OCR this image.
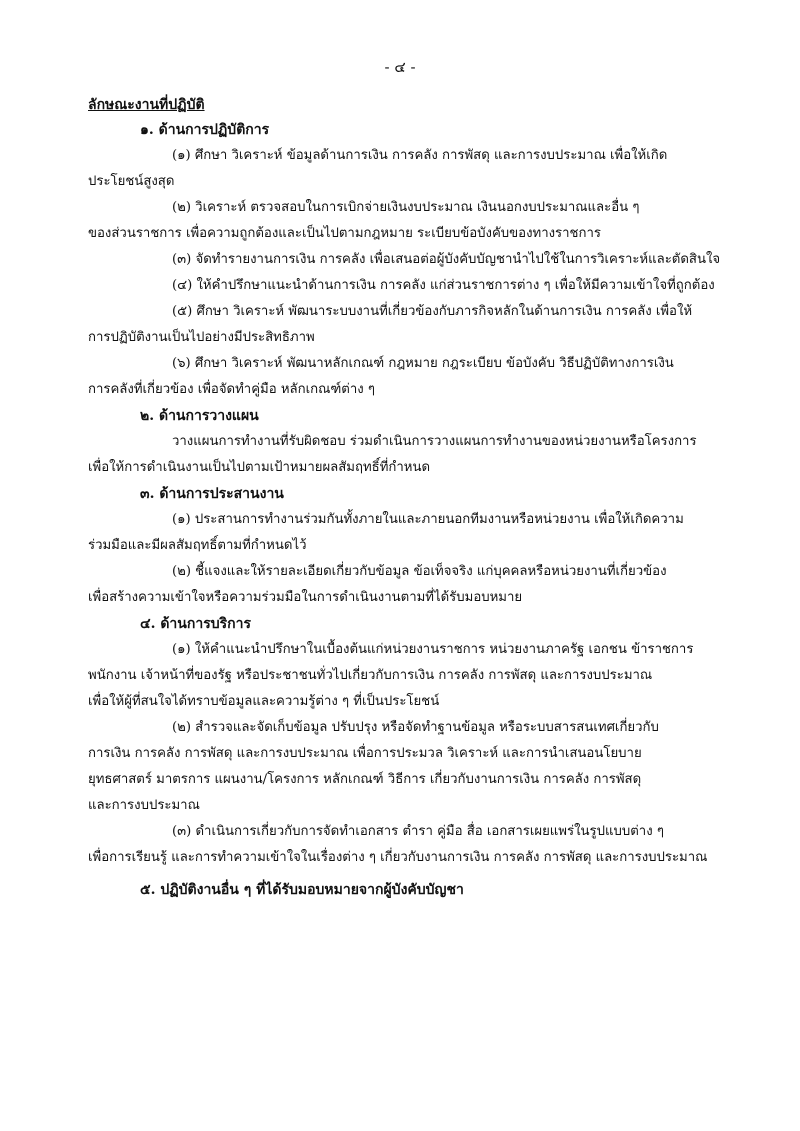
- ๔ -
ลักษณะงานที่ปฏิบัติ
๑. ด้านการปฏิบัติการ
(๑) ศึกษา วิเคราะห์ ข้อมูลด้านการเงิน การคลัง การพัสดุ และการงบประมาณ เพื่อให้เกิด
ประโยชน์สูงสุด
(๒) วิเคราะห์ ตรวจสอบในการเบิกจ่ายเงินงบประมาณ เงินนอกงบประมาณและอื่น ๆ
ของส่วนราชการ เพื่อความถูกต้องและเป็นไปตามกฎหมาย ระเบียบข้อบังคับของทางราชการ
(๓) จัดทำรายงานการเงิน การคลัง เพื่อเสนอต่อผู้บังคับบัญชานำไปใช้ในการวิเคราะห์และตัดสินใจ
(๔) ให้คำปรึกษาแนะนำด้านการเงิน การคลัง แก่ส่วนราชการต่าง ๆ เพื่อให้มีความเข้าใจที่ถูกต้อง
(๕) ศึกษา วิเคราะห์ พัฒนาระบบงานที่เกี่ยวข้องกับภารกิจหลักในด้านการเงิน การคลัง เพื่อให้
การปฏิบัติงานเป็นไปอย่างมีประสิทธิภาพ
(๖) ศึกษา วิเคราะห์ พัฒนาหลักเกณฑ์ กฎหมาย กฎระเบียบ ข้อบังคับ วิธีปฏิบัติทางการเงิน
การคลังที่เกี่ยวข้อง เพื่อจัดทำคู่มือ หลักเกณฑ์ต่าง ๆ
๒. ด้านการวางแผน
วางแผนการทำงานที่รับผิดชอบ ร่วมดำเนินการวางแผนการทำงานของหน่วยงานหรือโครงการ
เพื่อให้การดำเนินงานเป็นไปตามเป้าหมายผลสัมฤทธิ์ที่กำหนด
๓. ด้านการประสานงาน
(๑) ประสานการทำงานร่วมกันทั้งภายในและภายนอกทีมงานหรือหน่วยงาน เพื่อให้เกิดความ
ร่วมมือและมีผลสัมฤทธิ์ตามที่กำหนดไว้
(๒) ชี้แจงและให้รายละเอียดเกี่ยวกับข้อมูล ข้อเท็จจริง แก่บุคคลหรือหน่วยงานที่เกี่ยวข้อง
เพื่อสร้างความเข้าใจหรือความร่วมมือในการดำเนินงานตามที่ได้รับมอบหมาย
๔. ด้านการบริการ
(๑) ให้คำแนะนำปรึกษาในเบื้องต้นแก่หน่วยงานราชการ หน่วยงานภาครัฐ เอกชน ข้าราชการ
พนักงาน เจ้าหน้าที่ของรัฐ หรือประชาชนทั่วไปเกี่ยวกับการเงิน การคลัง การพัสดุ และการงบประมาณ
เพื่อให้ผู้ที่สนใจได้ทราบข้อมูลและความรู้ต่าง ๆ ที่เป็นประโยชน์
(๒) สำรวจและจัดเก็บข้อมูล ปรับปรุง หรือจัดทำฐานข้อมูล หรือระบบสารสนเทศเกี่ยวกับ
การเงิน การคลัง การพัสดุ และการงบประมาณ เพื่อการประมวล วิเคราะห์ และการนำเสนอนโยบาย
ยุทธศาสตร์ มาตรการ แผนงาน/โครงการ หลักเกณฑ์ วิธีการ เกี่ยวกับงานการเงิน การคลัง การพัสดุ
และการงบประมาณ
(๓) ดำเนินการเกี่ยวกับการจัดทำเอกสาร ตำรา คู่มือ สื่อ เอกสารเผยแพร่ในรูปแบบต่าง ๆ
เพื่อการเรียนรู้ และการทำความเข้าใจในเรื่องต่าง ๆ เกี่ยวกับงานการเงิน การคลัง การพัสดุ และการงบประมาณ
๕. ปฏิบัติงานอื่น ๆ ที่ได้รับมอบหมายจากผู้บังคับบัญชา
